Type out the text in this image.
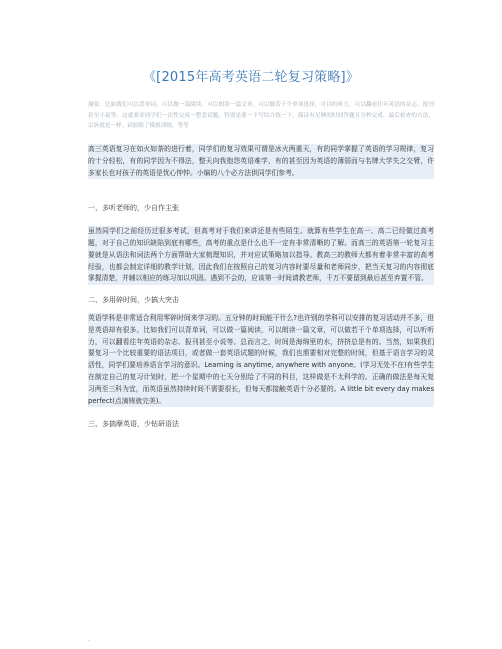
《[2015年高考英语二轮复习策略]》
摘要：比如我们可以背单词，可以做一篇阅读，可以朗读一篇文章，可以做若干个单项选择，可以听听力，可以翻看往年英语的杂志、报刊甚至小说等。这就要求同学们一次性完成一整套试题，特别是要一下写综合练一下，保证有足够的时间答题且分秒完成，最后检查的方法，宗旨就是一样。试验除了模拟训练，等等

高三英语复习在如火如荼的进行着，同学们的复习效果可谓是冰火两重天，有的同学掌握了英语的学习规律，复习的十分轻松，有的同学因为不得法，整天向我抱怨英语难学，有的甚至因为英语的薄弱而与名牌大学失之交臂，许多家长也对孩子的英语是忧心忡忡。小编的八个必方法供同学们参考。

一、多听老师的，少自作主张

虽然同学们之前经历过很多考试，但高考对于我们来讲还是有些陌生。就算有些学生在高一、高二已经做过高考题，对于自己的知识缺陷到底有哪些，高考的重点是什么也不一定有非常清晰的了解。而高三的英语第一轮复习主要就是从语法和词法两个方面帮助大家梳理知识，并对应试策略加以指导。教高三的教师大都有着非常丰富的高考经验，也都会制定详细的教学计划，因此我们在按照自己的复习内容时要尽量和老师同步，把当天复习的内容彻底掌握清楚，并辅以相应的练习加以巩固。遇到不会的，应该第一时间请教老师，千万不要留到最后甚至弃置不管。

二、多用碎时间，少搞大突击

英语学科是非常适合利用零碎时间来学习的。五分钟的时间能干什么?也许别的学科可以安排的复习活动并不多，但是英语却有很多。比如我们可以背单词，可以做一篇阅读，可以朗读一篇文章，可以做若干个单项选择，可以听听力，可以翻看往年英语的杂志、报刊甚至小说等。总而言之，时间是海绵里的水，挤挤总是有的。当然，如果我们要复习一个比较重要的语法项目，或者做一套英语试题的时候，我们也需要相对完整的时间，但基于语言学习的灵活性，同学们要培养语言学习的意识。Learning is anytime, anywhere with anyone。(学习无处不在)有些学生在制定自己的复习计划时，把一个星期中的七天分别给了不同的科目，这样做是不太科学的。正确的做法是每天复习两至三科为宜，而英语虽然持续时间不需要很长，但每天都接触英语十分必要的。A little bit every day makes perfect(点滴铸就完美)。

三、多揣摩英语，少钻研语法
.
